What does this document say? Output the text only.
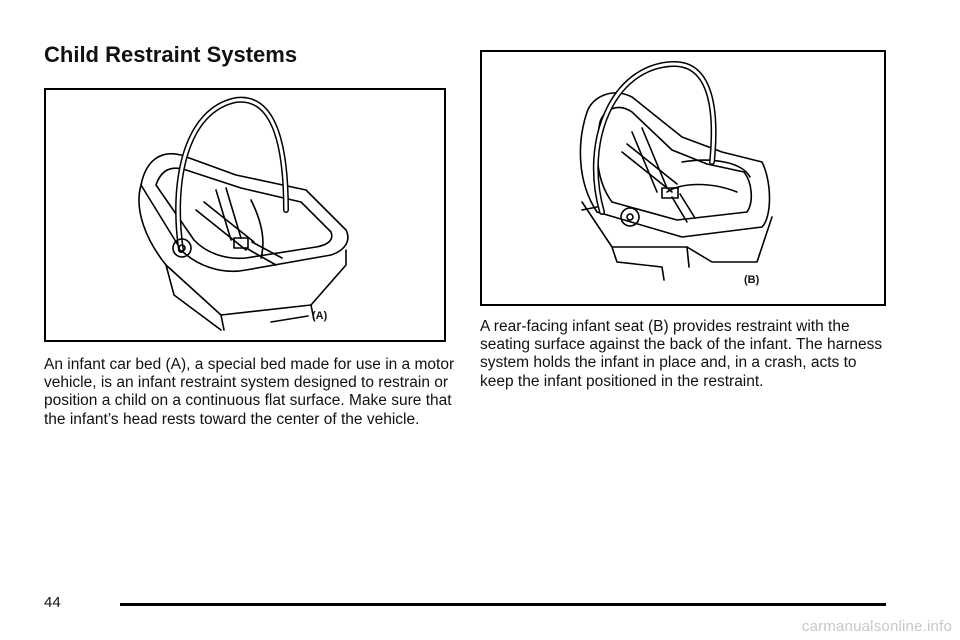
Child Restraint Systems
(A)
(B)

An infant car bed (A), a special bed made for use in a motor vehicle, is an infant restraint system designed to restrain or position a child on a continuous flat surface. Make sure that the infant’s head rests toward the center of the vehicle.

A rear-facing infant seat (B) provides restraint with the seating surface against the back of the infant. The harness system holds the infant in place and, in a crash, acts to keep the infant positioned in the restraint.

44
carmanualsonline.info
